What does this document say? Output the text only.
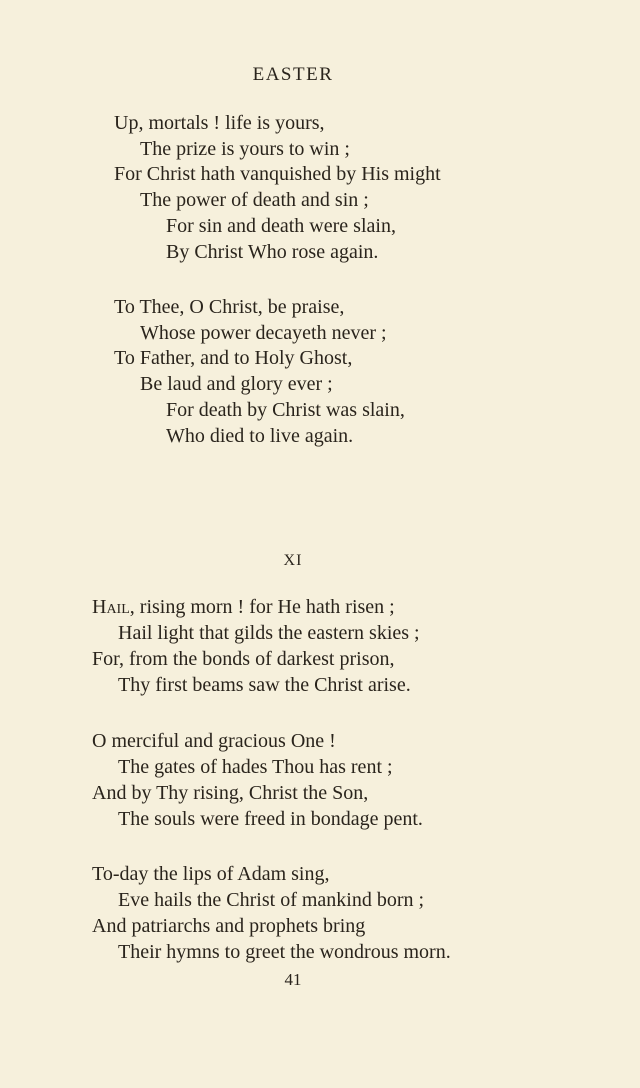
EASTER
Up, mortals ! life is yours,
The prize is yours to win ;
For Christ hath vanquished by His might
The power of death and sin ;
For sin and death were slain,
By Christ Who rose again.
To Thee, O Christ, be praise,
Whose power decayeth never ;
To Father, and to Holy Ghost,
Be laud and glory ever ;
For death by Christ was slain,
Who died to live again.
XI
Hail, rising morn ! for He hath risen ;
Hail light that gilds the eastern skies ;
For, from the bonds of darkest prison,
Thy first beams saw the Christ arise.
O merciful and gracious One !
The gates of hades Thou has rent ;
And by Thy rising, Christ the Son,
The souls were freed in bondage pent.
To-day the lips of Adam sing,
Eve hails the Christ of mankind born ;
And patriarchs and prophets bring
Their hymns to greet the wondrous morn.
41
